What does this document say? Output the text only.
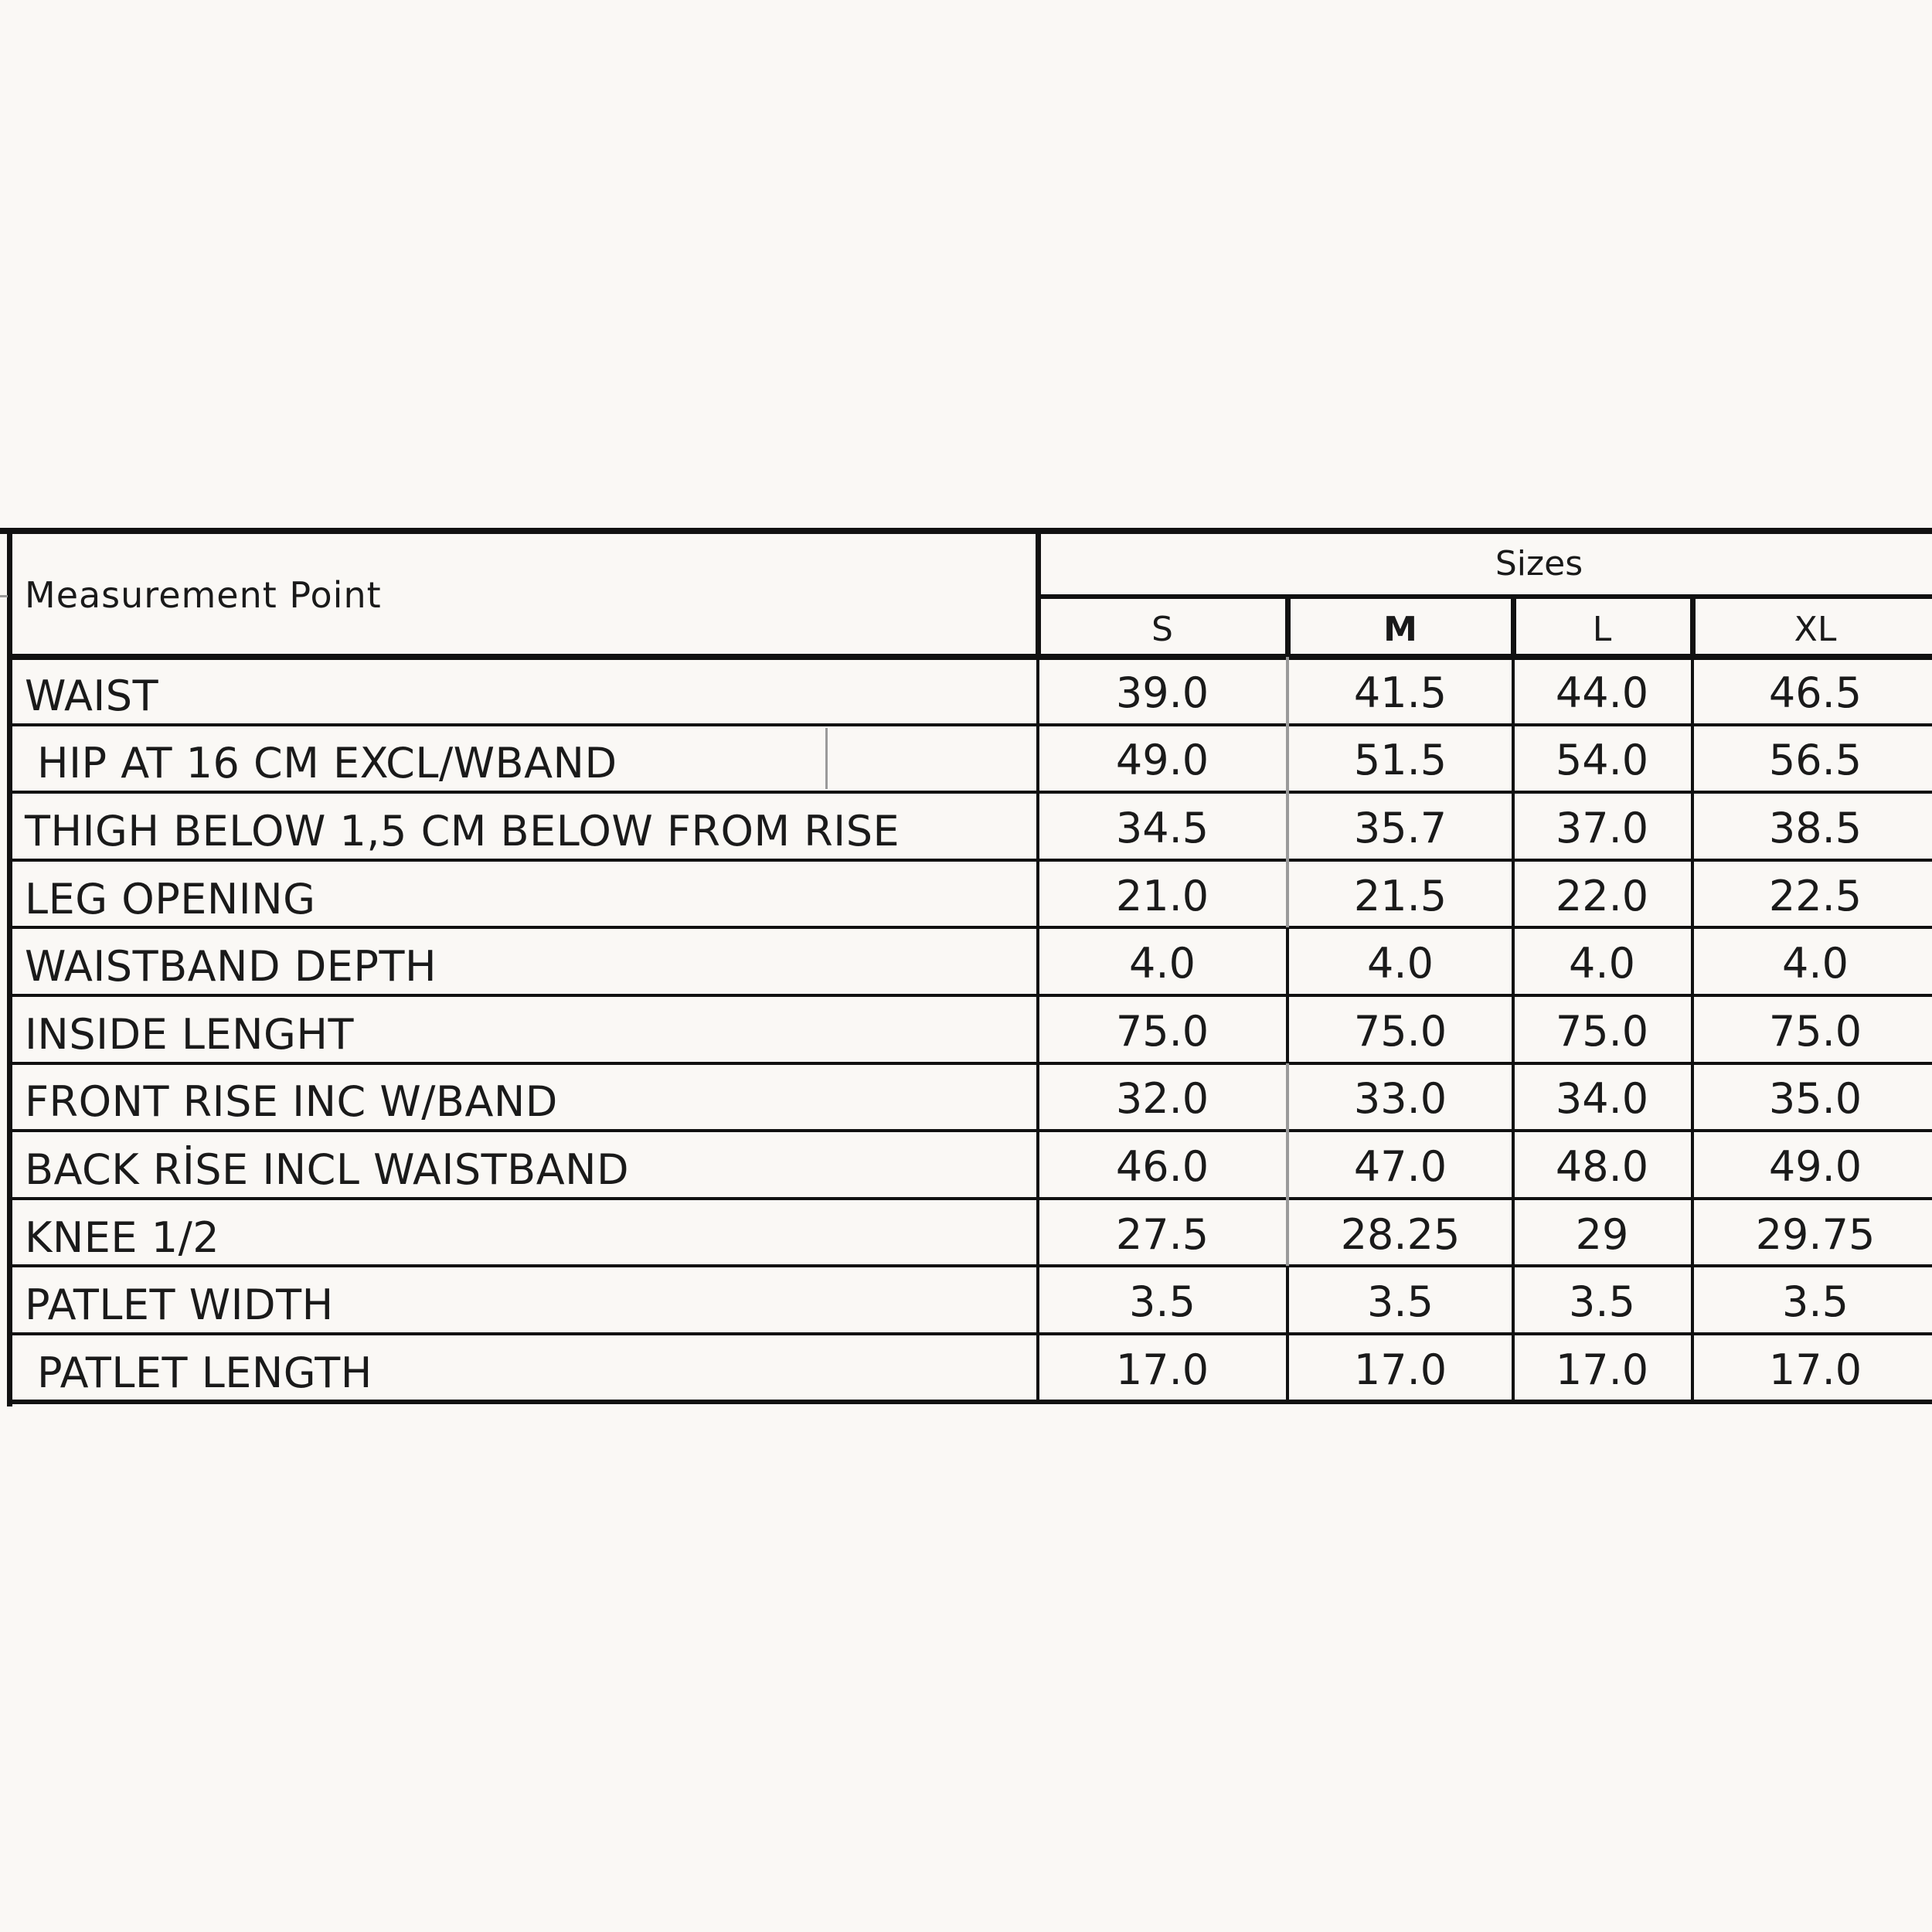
Measurement Point
Sizes
S	M	L	XL
WAIST	39.0	41.5	44.0	46.5
HIP AT 16 CM EXCL/WBAND	49.0	51.5	54.0	56.5
THIGH BELOW 1,5 CM BELOW FROM RISE	34.5	35.7	37.0	38.5
LEG OPENING	21.0	21.5	22.0	22.5
WAISTBAND DEPTH	4.0	4.0	4.0	4.0
INSIDE LENGHT	75.0	75.0	75.0	75.0
FRONT RISE INC W/BAND	32.0	33.0	34.0	35.0
BACK RİSE INCL WAISTBAND	46.0	47.0	48.0	49.0
KNEE 1/2	27.5	28.25	29	29.75
PATLET WIDTH	3.5	3.5	3.5	3.5
PATLET LENGTH	17.0	17.0	17.0	17.0
